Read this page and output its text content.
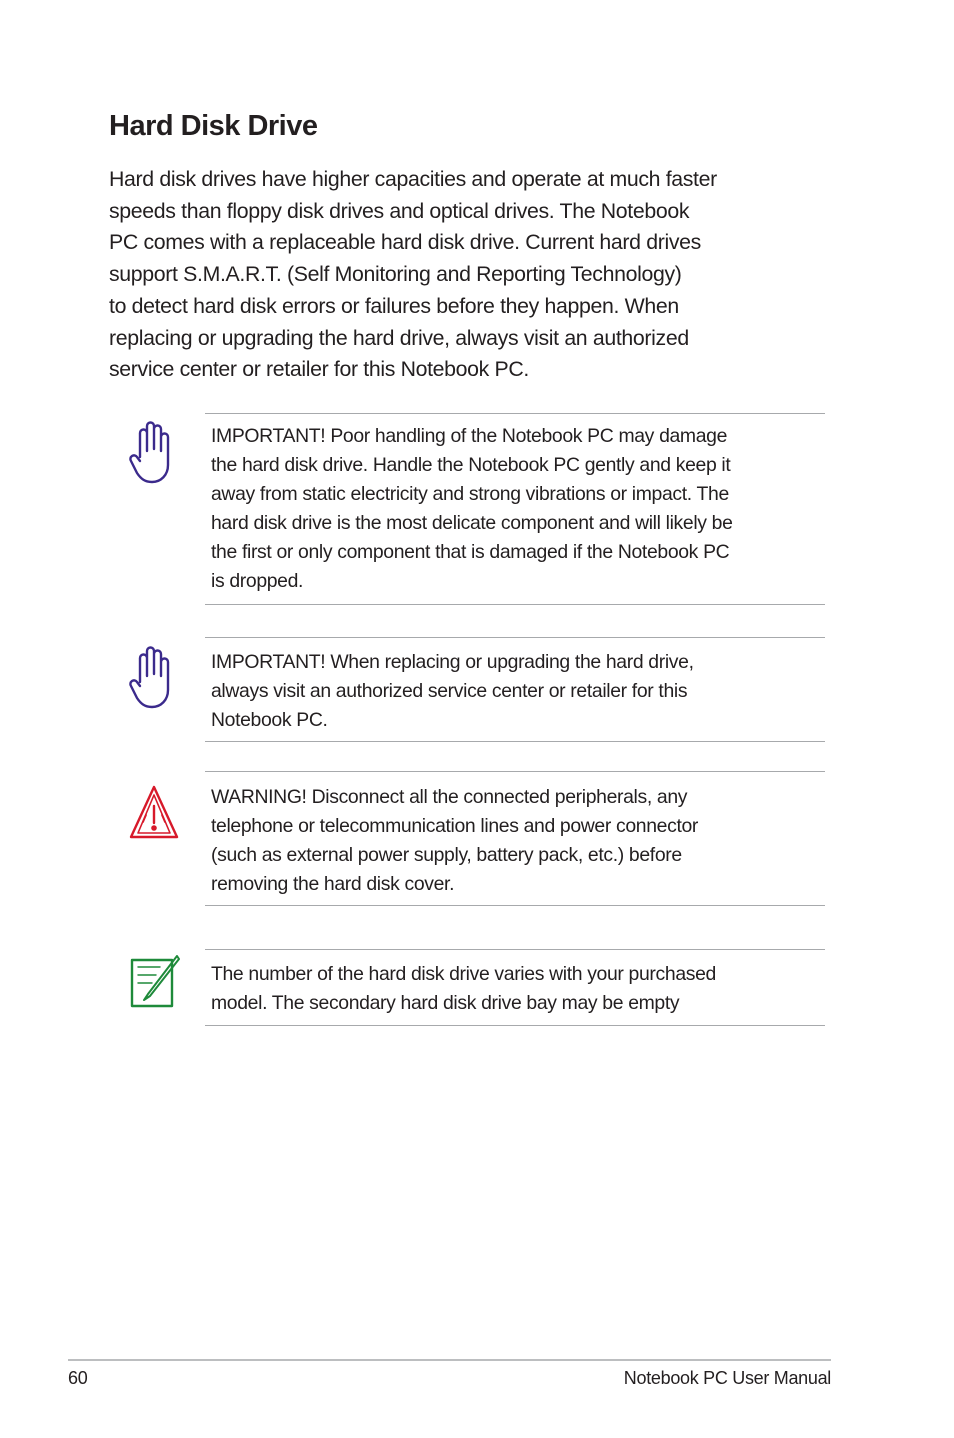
Hard Disk Drive

Hard disk drives have higher capacities and operate at much faster
speeds than floppy disk drives and optical drives. The Notebook
PC comes with a replaceable hard disk drive. Current hard drives
support S.M.A.R.T. (Self Monitoring and Reporting Technology)
to detect hard disk errors or failures before they happen. When
replacing or upgrading the hard drive, always visit an authorized
service center or retailer for this Notebook PC.

IMPORTANT! Poor handling of the Notebook PC may damage
the hard disk drive. Handle the Notebook PC gently and keep it
away from static electricity and strong vibrations or impact. The
hard disk drive is the most delicate component and will likely be
the first or only component that is damaged if the Notebook PC
is dropped.

IMPORTANT! When replacing or upgrading the hard drive,
always visit an authorized service center or retailer for this
Notebook PC.

WARNING! Disconnect all the connected peripherals, any
telephone or telecommunication lines and power connector
(such as external power supply, battery pack, etc.) before
removing the hard disk cover.

The number of the hard disk drive varies with your purchased
model. The secondary hard disk drive bay may be empty

60	Notebook PC User Manual
